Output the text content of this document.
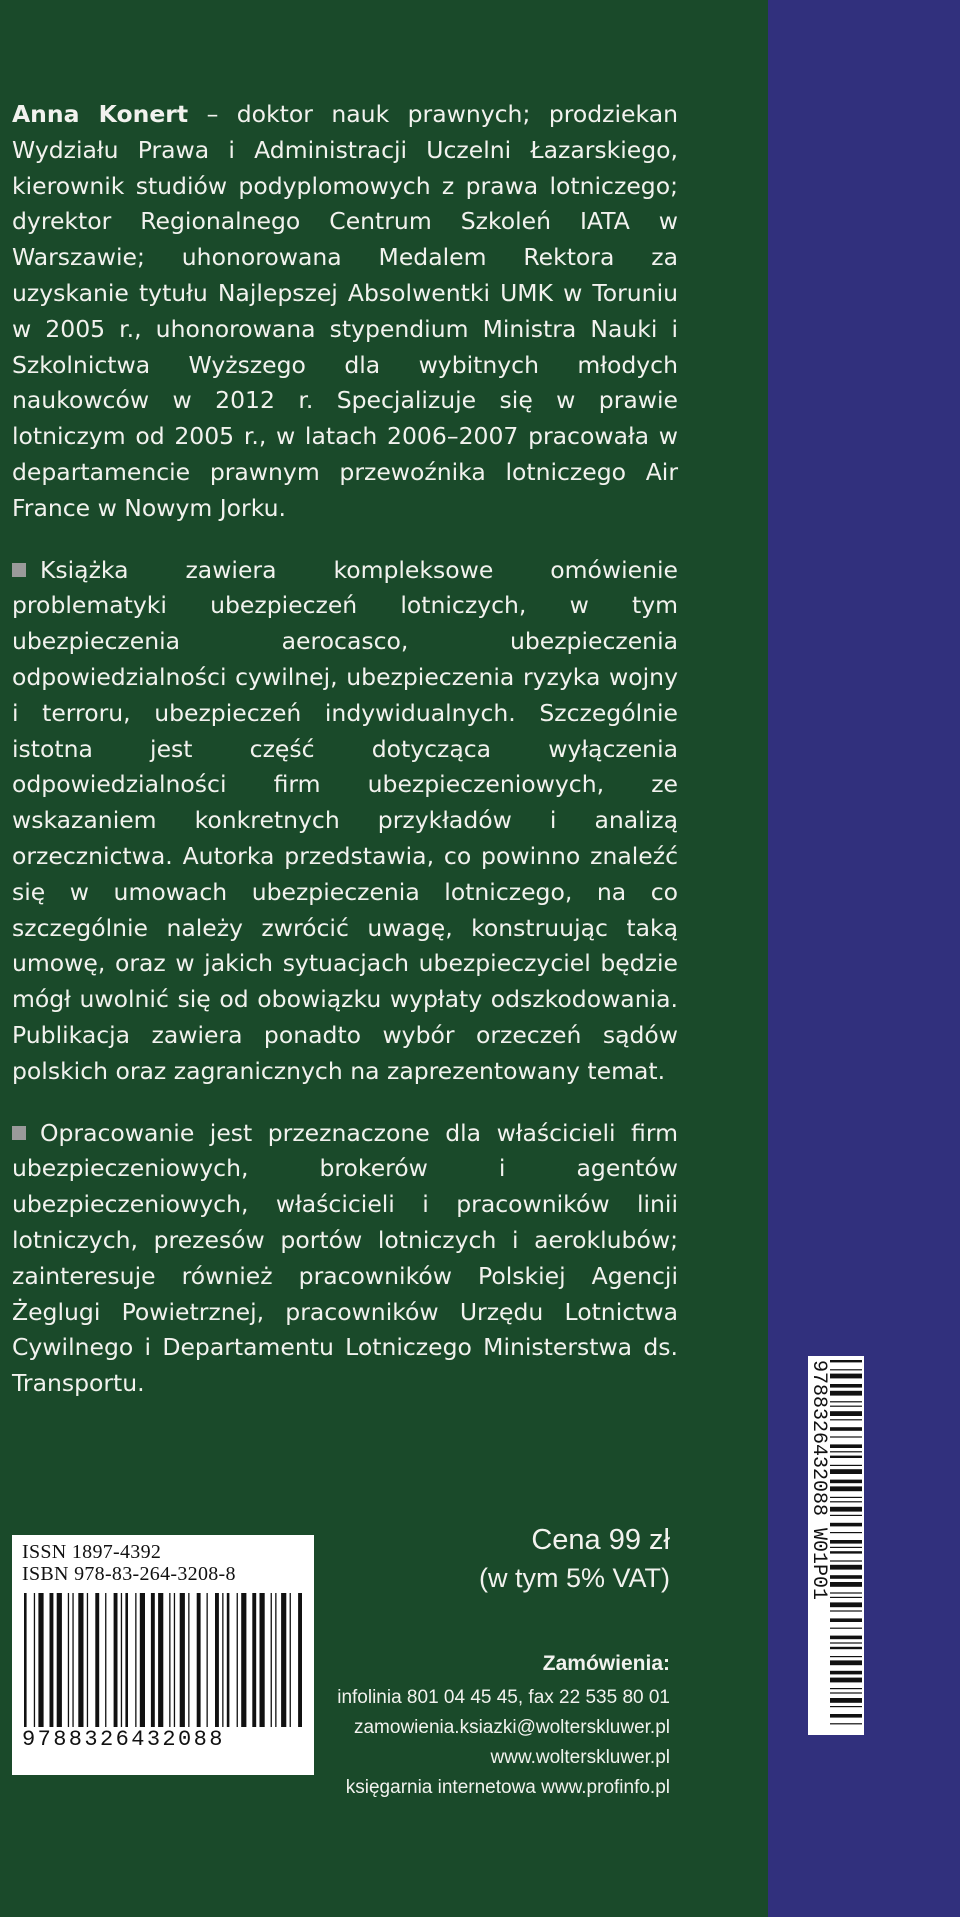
Anna Konert – doktor nauk prawnych; prodziekan Wydziału Prawa i Administracji Uczelni Łazarskiego, kierownik studiów podyplomowych z prawa lotniczego; dyrektor Regionalnego Centrum Szkoleń IATA w Warszawie; uhonorowana Medalem Rektora za uzyskanie tytułu Najlepszej Absolwentki UMK w Toruniu w 2005 r., uhonorowana stypendium Ministra Nauki i Szkolnictwa Wyższego dla wybitnych młodych naukowców w 2012 r. Specjalizuje się w prawie lotniczym od 2005 r., w latach 2006–2007 pracowała w departamencie prawnym przewoźnika lotniczego Air France w Nowym Jorku.

Książka zawiera kompleksowe omówienie problematyki ubezpieczeń lotniczych, w tym ubezpieczenia aerocasco, ubezpieczenia odpowiedzialności cywilnej, ubezpieczenia ryzyka wojny i terroru, ubezpieczeń indywidualnych. Szczególnie istotna jest część dotycząca wyłączenia odpowiedzialności firm ubezpieczeniowych, ze wskazaniem konkretnych przykładów i analizą orzecznictwa. Autorka przedstawia, co powinno znaleźć się w umowach ubezpieczenia lotniczego, na co szczególnie należy zwrócić uwagę, konstruując taką umowę, oraz w jakich sytuacjach ubezpieczyciel będzie mógł uwolnić się od obowiązku wypłaty odszkodowania. Publikacja zawiera ponadto wybór orzeczeń sądów polskich oraz zagranicznych na zaprezentowany temat.

Opracowanie jest przeznaczone dla właścicieli firm ubezpieczeniowych, brokerów i agentów ubezpieczeniowych, właścicieli i pracowników linii lotniczych, prezesów portów lotniczych i aeroklubów; zainteresuje również pracowników Polskiej Agencji Żeglugi Powietrznej, pracowników Urzędu Lotnictwa Cywilnego i Departamentu Lotniczego Ministerstwa ds. Transportu.

ISSN 1897-4392
ISBN 978-83-264-3208-8
9788326432088
Cena 99 zł
(w tym 5% VAT)
Zamówienia:
infolinia 801 04 45 45, fax 22 535 80 01
zamowienia.ksiazki@wolterskluwer.pl
www.wolterskluwer.pl
księgarnia internetowa www.profinfo.pl
9788326432088 W01P01
